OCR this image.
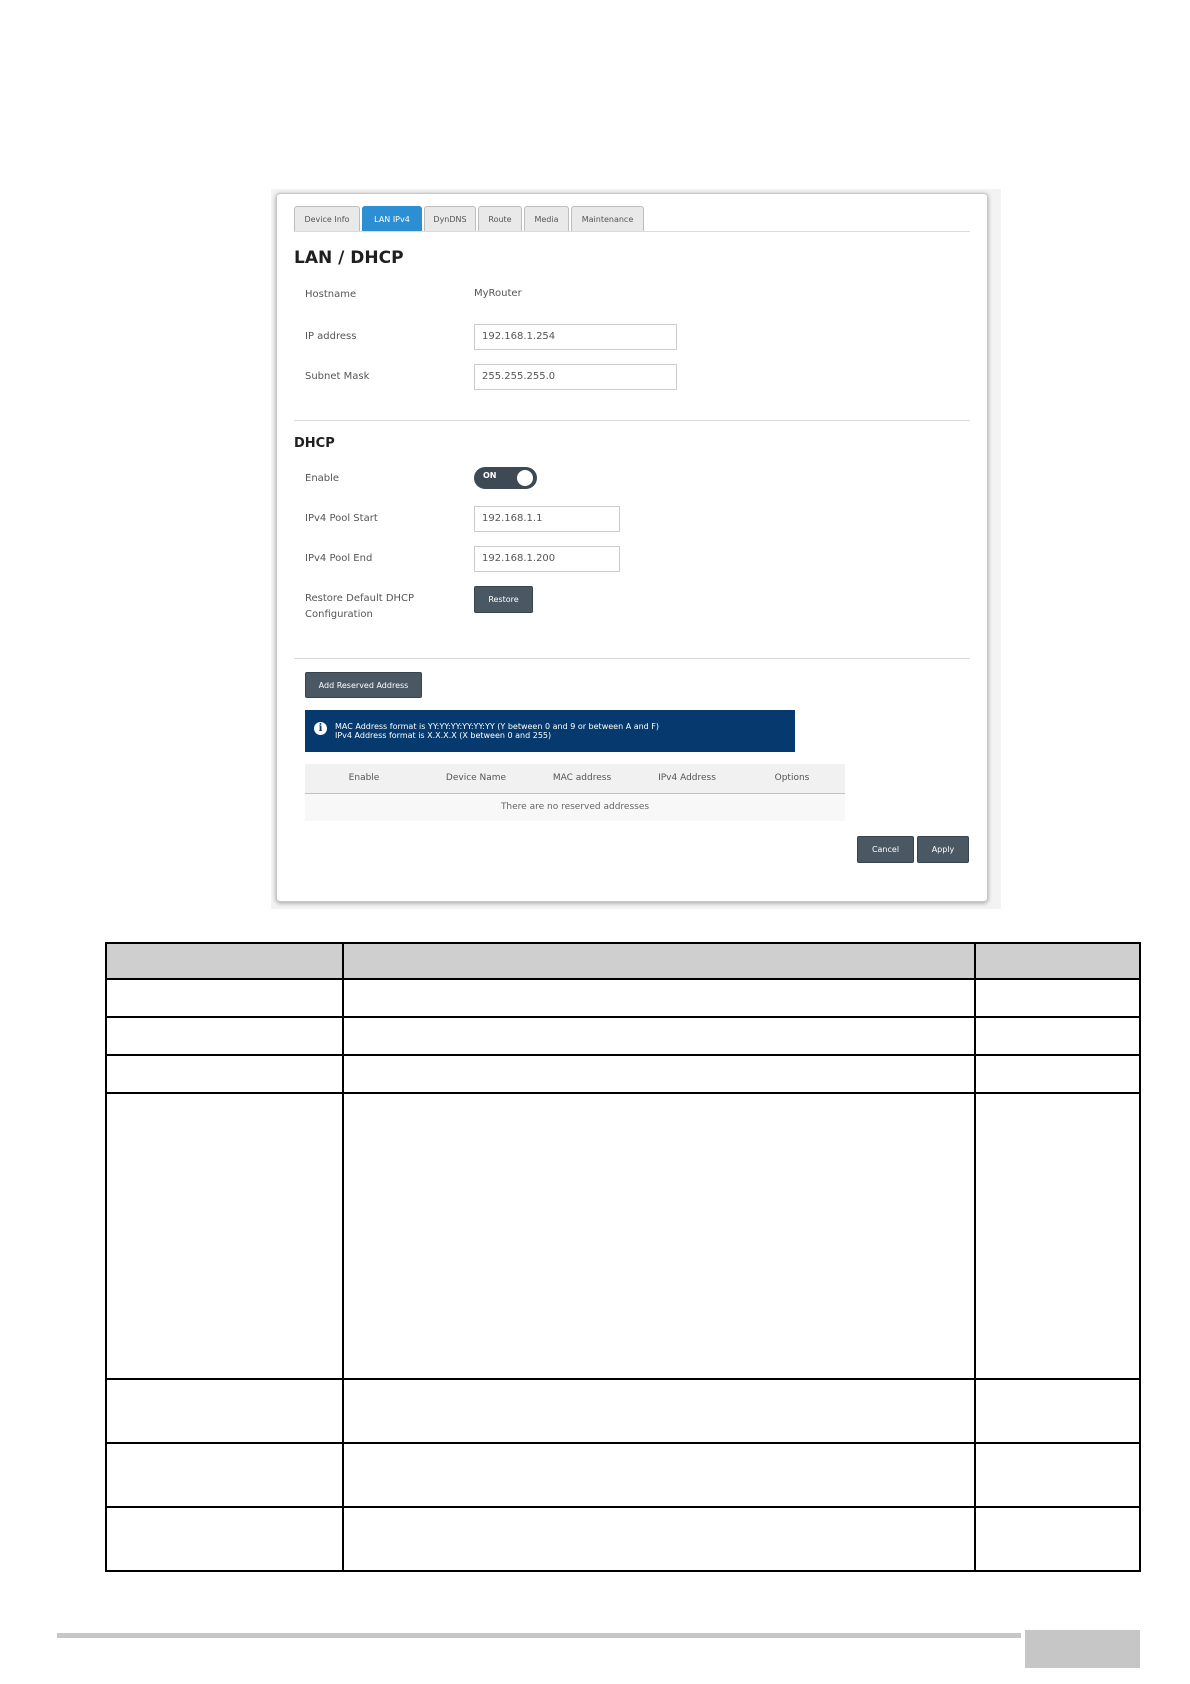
Device Info	LAN IPv4	DynDNS	Route	Media	Maintenance
LAN / DHCP
Hostname	MyRouter
IP address	192.168.1.254
Subnet Mask	255.255.255.0
DHCP
Enable	ON
IPv4 Pool Start	192.168.1.1
IPv4 Pool End	192.168.1.200
Restore Default DHCP
Configuration
Restore
Add Reserved Address
i	MAC Address format is YY:YY:YY:YY:YY:YY (Y between 0 and 9 or between A and F)
IPv4 Address format is X.X.X.X (X between 0 and 255)
Enable	Device Name	MAC address	IPv4 Address	Options
There are no reserved addresses
Cancel	Apply
